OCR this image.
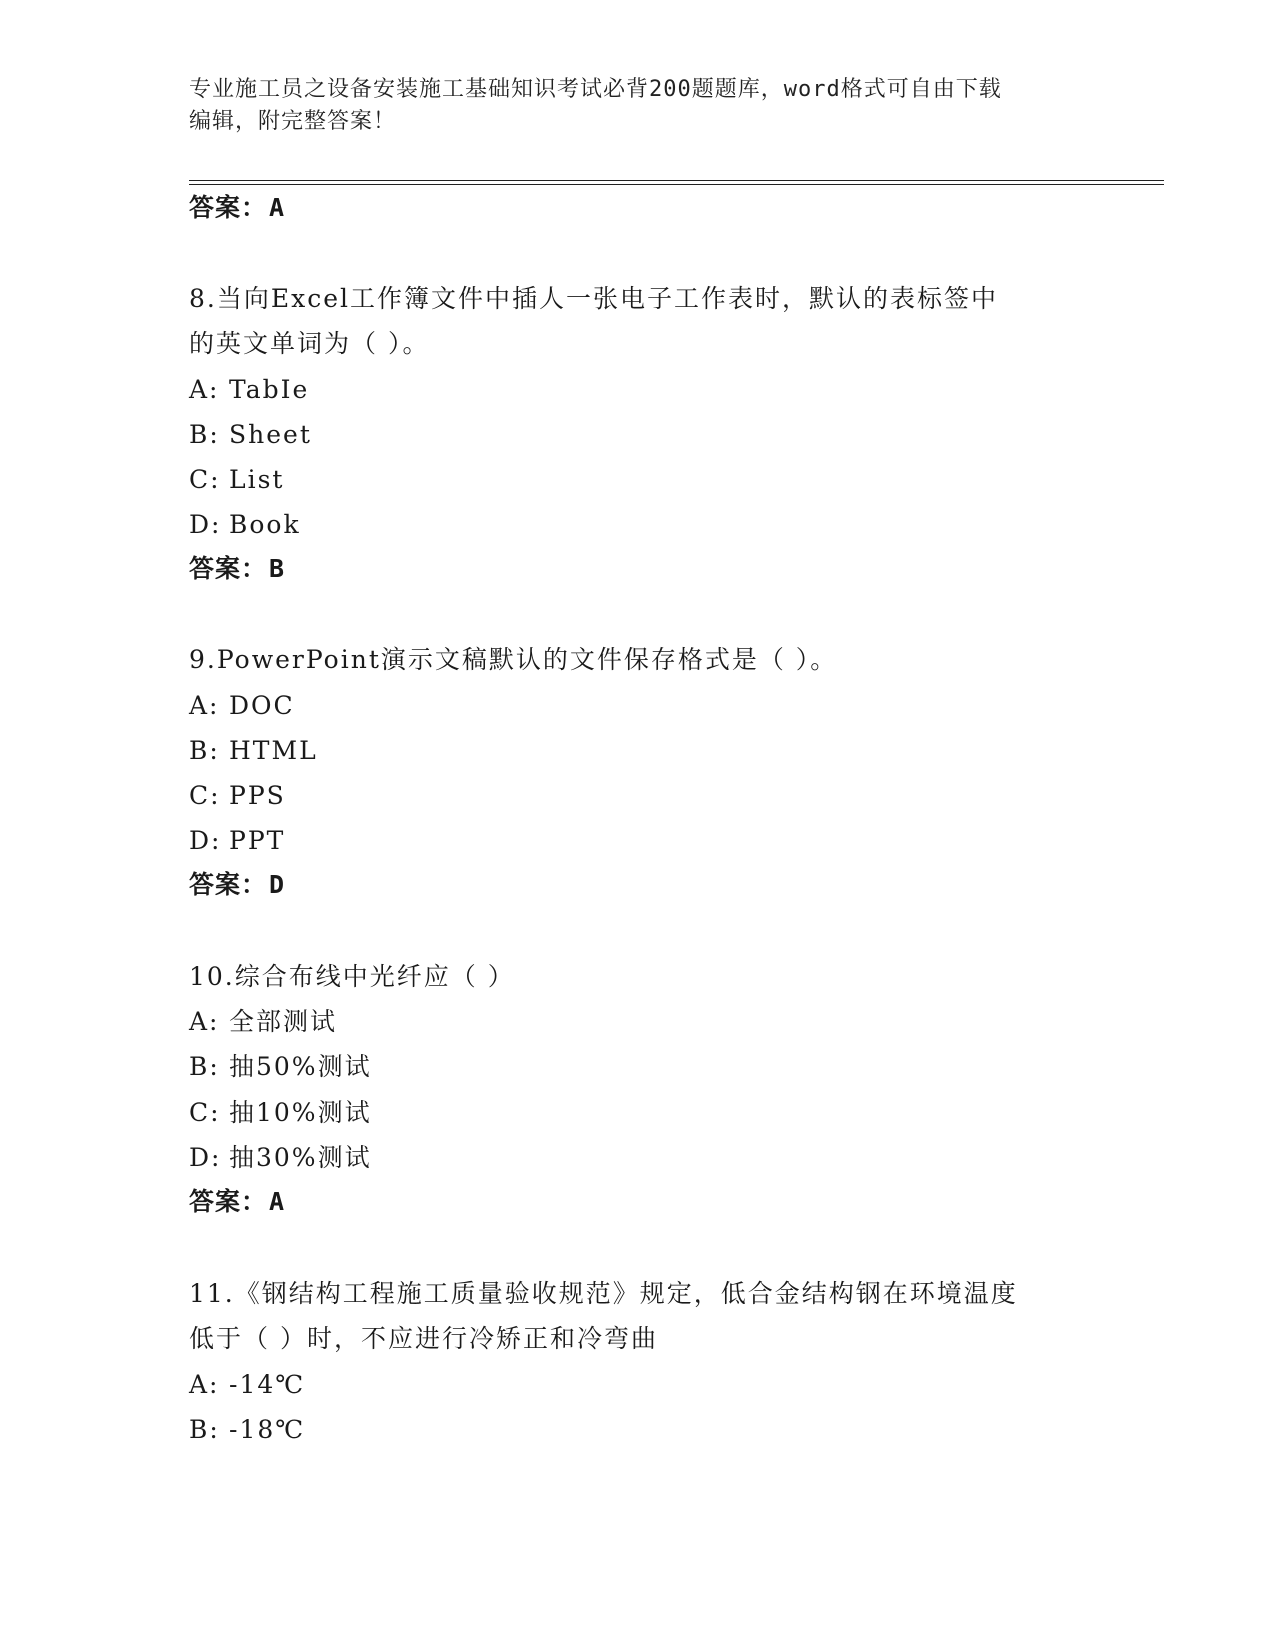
专业施工员之设备安装施工基础知识考试必背200题题库，word格式可自由下载
编辑，附完整答案！
答案：A
8.当向Excel工作簿文件中插人一张电子工作表时，默认的表标签中
的英文单词为（ ）。
A: TabIe
B: Sheet
C: List
D: Book
答案：B
9.PowerPoint演示文稿默认的文件保存格式是（ ）。
A: DOC
B: HTML
C: PPS
D: PPT
答案：D
10.综合布线中光纤应（ ）
A: 全部测试
B: 抽50%测试
C: 抽10%测试
D: 抽30%测试
答案：A
11.《钢结构工程施工质量验收规范》规定，低合金结构钢在环境温度
低于（ ）时，不应进行冷矫正和冷弯曲
A: -14℃
B: -18℃
